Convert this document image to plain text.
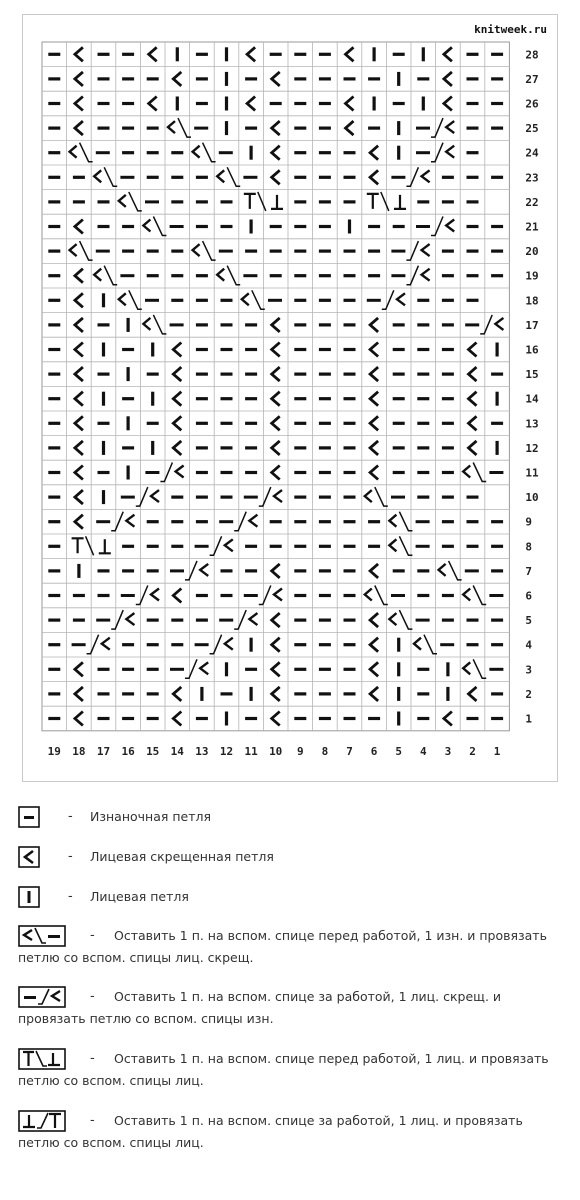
knitweek.ru
28
27
26
25
24
23
22
21
20
19
18
17
16
15
14
13
12
11
10
9
8
7
6
5
4
3
2
1
19 18 17 16 15 14 13 12 11 10 9 8 7 6 5 4 3 2 1
- Изнаночная петля
- Лицевая скрещенная петля
- Лицевая петля
- Оставить 1 п. на вспом. спице перед работой, 1 изн. и провязать
петлю со вспом. спицы лиц. скрещ.
- Оставить 1 п. на вспом. спице за работой, 1 лиц. скрещ. и
провязать петлю со вспом. спицы изн.
- Оставить 1 п. на вспом. спице перед работой, 1 лиц. и провязать
петлю со вспом. спицы лиц.
- Оставить 1 п. на вспом. спице за работой, 1 лиц. и провязать
петлю со вспом. спицы лиц.
